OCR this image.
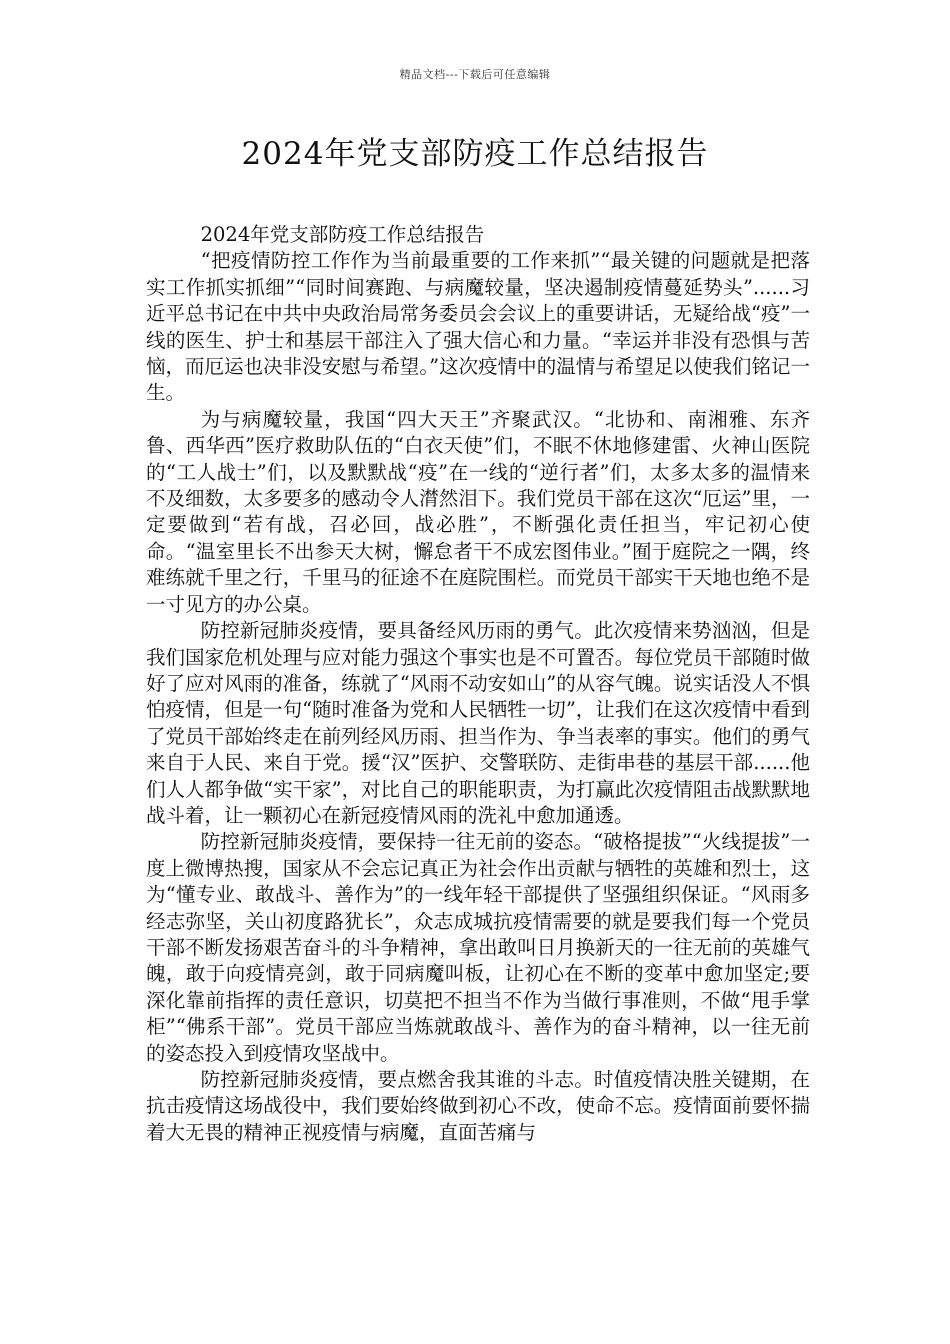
精品文档---下载后可任意编辑
2024年党支部防疫工作总结报告

2024年党支部防疫工作总结报告

“把疫情防控工作作为当前最重要的工作来抓”“最关键的问题就是把落实工作抓实抓细”“同时间赛跑、与病魔较量，坚决遏制疫情蔓延势头”......习近平总书记在中共中央政治局常务委员会会议上的重要讲话，无疑给战“疫”一线的医生、护士和基层干部注入了强大信心和力量。“幸运并非没有恐惧与苦恼，而厄运也决非没安慰与希望。”这次疫情中的温情与希望足以使我们铭记一生。

为与病魔较量，我国“四大天王”齐聚武汉。“北协和、南湘雅、东齐鲁、西华西”医疗救助队伍的“白衣天使”们，不眠不休地修建雷、火神山医院的“工人战士”们，以及默默战“疫”在一线的“逆行者”们，太多太多的温情来不及细数，太多要多的感动令人潸然泪下。我们党员干部在这次“厄运”里，一定要做到“若有战，召必回，战必胜”，不断强化责任担当，牢记初心使命。“温室里长不出参天大树，懈怠者干不成宏图伟业。”囿于庭院之一隅，终难练就千里之行，千里马的征途不在庭院围栏。而党员干部实干天地也绝不是一寸见方的办公桌。

防控新冠肺炎疫情，要具备经风历雨的勇气。此次疫情来势汹汹，但是我们国家危机处理与应对能力强这个事实也是不可置否。每位党员干部随时做好了应对风雨的准备，练就了“风雨不动安如山”的从容气魄。说实话没人不惧怕疫情，但是一句“随时准备为党和人民牺牲一切”，让我们在这次疫情中看到了党员干部始终走在前列经风历雨、担当作为、争当表率的事实。他们的勇气来自于人民、来自于党。援“汉”医护、交警联防、走街串巷的基层干部......他们人人都争做“实干家”，对比自己的职能职责，为打赢此次疫情阻击战默默地战斗着，让一颗初心在新冠疫情风雨的洗礼中愈加通透。

防控新冠肺炎疫情，要保持一往无前的姿态。“破格提拔”“火线提拔”一度上微博热搜，国家从不会忘记真正为社会作出贡献与牺牲的英雄和烈士，这为“懂专业、敢战斗、善作为”的一线年轻干部提供了坚强组织保证。“风雨多经志弥坚，关山初度路犹长”，众志成城抗疫情需要的就是要我们每一个党员干部不断发扬艰苦奋斗的斗争精神，拿出敢叫日月换新天的一往无前的英雄气魄，敢于向疫情亮剑，敢于同病魔叫板，让初心在不断的变革中愈加坚定;要深化靠前指挥的责任意识，切莫把不担当不作为当做行事准则，不做“甩手掌柜”“佛系干部”。党员干部应当炼就敢战斗、善作为的奋斗精神，以一往无前的姿态投入到疫情攻坚战中。

防控新冠肺炎疫情，要点燃舍我其谁的斗志。时值疫情决胜关键期，在抗击疫情这场战役中，我们要始终做到初心不改，使命不忘。疫情面前要怀揣着大无畏的精神正视疫情与病魔，直面苦痛与
